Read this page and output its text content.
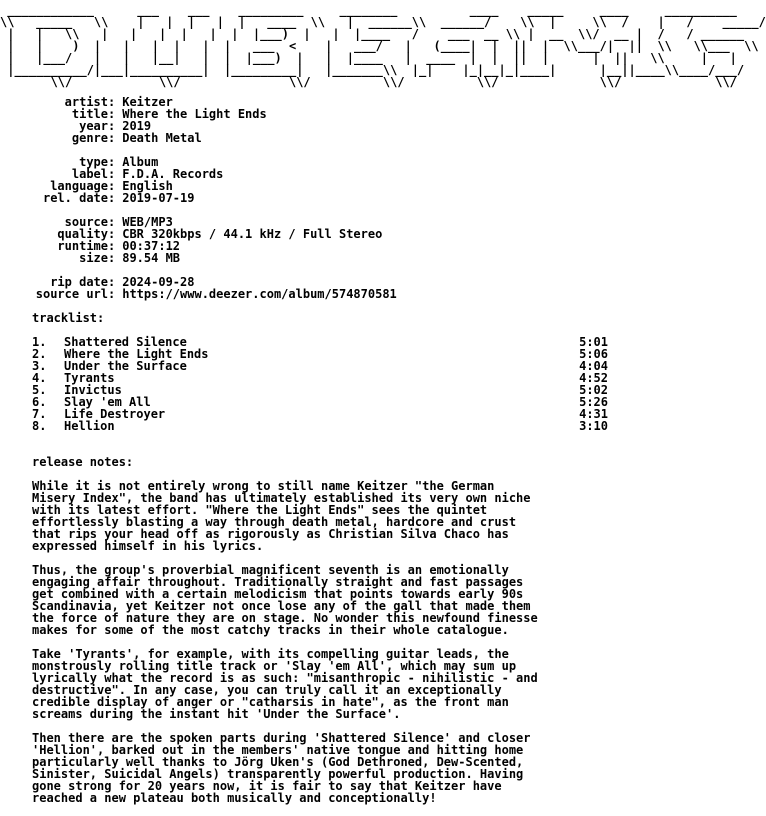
____________      ___    ___    _________     ________          ____    _____     ____     __________
\\   _____   \\    |   |  |   |  |   ____  \\   |  ______\\  ______/    \\  |     \\  /    |   /    _____/
|   |   \\   |   |   |  |   |  |  |___)  |   |  |____   /    ___  __ \\ |  __  \\/  __ |  /   / ______
|   |    )  |   |   |  |   |  |   ___  <    |   ___/   |   (____|  |  ||  |  \\___/|  ||  \\   \\___  \\
|   |___/   |   |   |__|   |  |  |___)  |   |  |____   |  ____  |  |  ||  |      |  ||   \\     |   |
|__________/|___|__________|  |_________|   |_______\\  |_|    |_|__|_|____|      |__||____\\____/___/
\\/            \\/               \\/          \\/          \\/              \\/             \\/
artist : Keitzer
title : Where the Light Ends
year : 2019
genre : Death Metal
type : Album
label : F.D.A. Records
language : English
rel. date : 2019-07-19
source : WEB/MP3
quality : CBR 320kbps / 44.1 kHz / Full Stereo
runtime : 00:37:12
size : 89.54 MB
rip date : 2024-09-28
source url : https://www.deezer.com/album/574870581
tracklist:
1.	Shattered Silence	5:01
2.	Where the Light Ends	5:06
3.	Under the Surface	4:04
4.	Tyrants	4:52
5.	Invictus	5:02
6.	Slay 'em All	5:26
7.	Life Destroyer	4:31
8.	Hellion	3:10
release notes:
While it is not entirely wrong to still name Keitzer "the German
Misery Index", the band has ultimately established its very own niche
with its latest effort. "Where the Light Ends" sees the quintet
effortlessly blasting a way through death metal, hardcore and crust
that rips your head off as rigorously as Christian Silva Chaco has
expressed himself in his lyrics.
Thus, the group's proverbial magnificent seventh is an emotionally
engaging affair throughout. Traditionally straight and fast passages
get combined with a certain melodicism that points towards early 90s
Scandinavia, yet Keitzer not once lose any of the gall that made them
the force of nature they are on stage. No wonder this newfound finesse
makes for some of the most catchy tracks in their whole catalogue.
Take 'Tyrants', for example, with its compelling guitar leads, the
monstrously rolling title track or 'Slay 'em All', which may sum up
lyrically what the record is as such: "misanthropic - nihilistic - and
destructive". In any case, you can truly call it an exceptionally
credible display of anger or "catharsis in hate", as the front man
screams during the instant hit 'Under the Surface'.
Then there are the spoken parts during 'Shattered Silence' and closer
'Hellion', barked out in the members' native tongue and hitting home
particularly well thanks to Jörg Uken's (God Dethroned, Dew-Scented,
Sinister, Suicidal Angels) transparently powerful production. Having
gone strong for 20 years now, it is fair to say that Keitzer have
reached a new plateau both musically and conceptionally!
